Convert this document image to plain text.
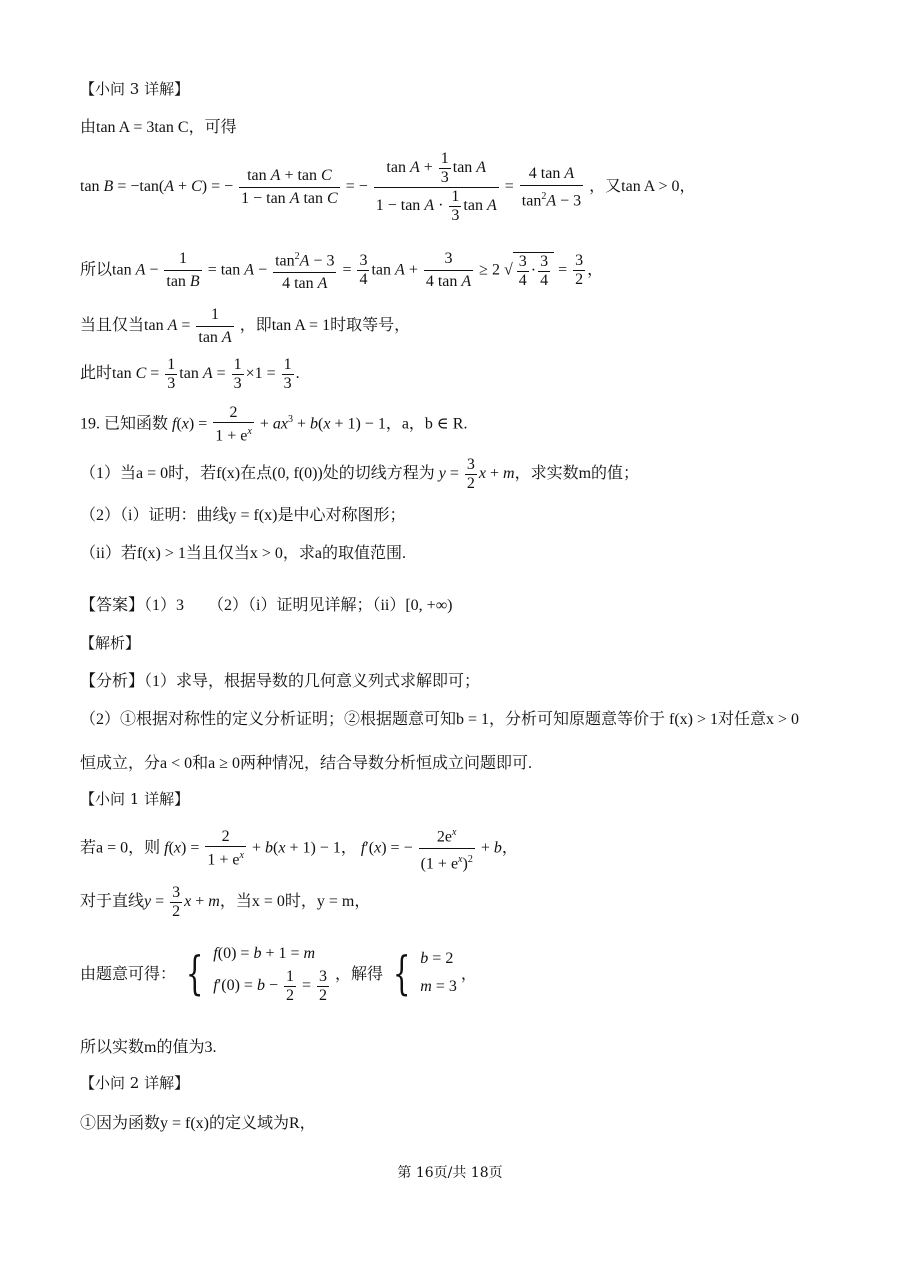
【小问 3 详解】
由tan A = 3tan C，可得
tan B = −tan(A + C) = − $\frac{\text{tan A + tan C}}{\text{1 − tan A tan C}}$ = − $\frac{\tan A + \frac{1}{3} \tan A}{1 - \tan A \cdot \frac{1}{3} \tan A} = \frac{\text{4 tan A}}{\tan^2A - 3}$ ，又tan A > 0，
所以$\tan A - \frac{1}{\text{tan B}} = \tan A - \frac{\tan^2A - 3}{\text{4 tan A}} = \frac{3}{4}$ $\tan A + \frac{3}{\text{4 tan A}} \ge 2$ √ $\frac{3}{4} \cdot \frac{3}{4} = \frac{3}{2}$ ，
当且仅当$\tan A = \frac{1}{\text{tan A}}$ ，即tan A = 1时取等号，
此时$\tan C = \frac{1}{3}$ $\tan A = \frac{1}{3} \times 1 = \frac{1}{3}$ .
19. 已知函数 $f(x) = \frac{2}{1 + e^x} + ax^3 + b(x + 1) - 1$，a，b ∈ R.
（1）当a = 0时，若f(x)在点(0, f(0))处的切线方程为 $y = \frac{3}{2}$ x + m，求实数m的值；
（2）（i）证明：曲线y = f(x)是中心对称图形；
（ii）若f(x) > 1当且仅当x > 0，求a的取值范围.
【答案】（1）3　　（2）（i）证明见详解；（ii）[0, +∞)
【解析】
【分析】（1）求导，根据导数的几何意义列式求解即可；
（2）①根据对称性的定义分析证明；②根据题意可知b = 1，分析可知原题意等价于 f(x) > 1对任意x > 0
恒成立，分a < 0和a ≥ 0两种情况，结合导数分析恒成立问题即可.
【小问 1 详解】
若a = 0，则 $f(x) = \frac{2}{1 + e^x} + b(x + 1) - 1$， f′(x) = − $\frac{2e^x}{(1 + e^x)^2} + b$，
对于直线$y = \frac{3}{2}$ x + m，当x = 0时，y = m，
由题意可得： { f(0) = b + 1 = m
$f'(0) = b - \frac{1}{2} = \frac{3}{2}$ ，解得 { b = 2
m = 3
，
所以实数m的值为3.
【小问 2 详解】
①因为函数y = f(x)的定义域为R，
第 16页/共 18页
